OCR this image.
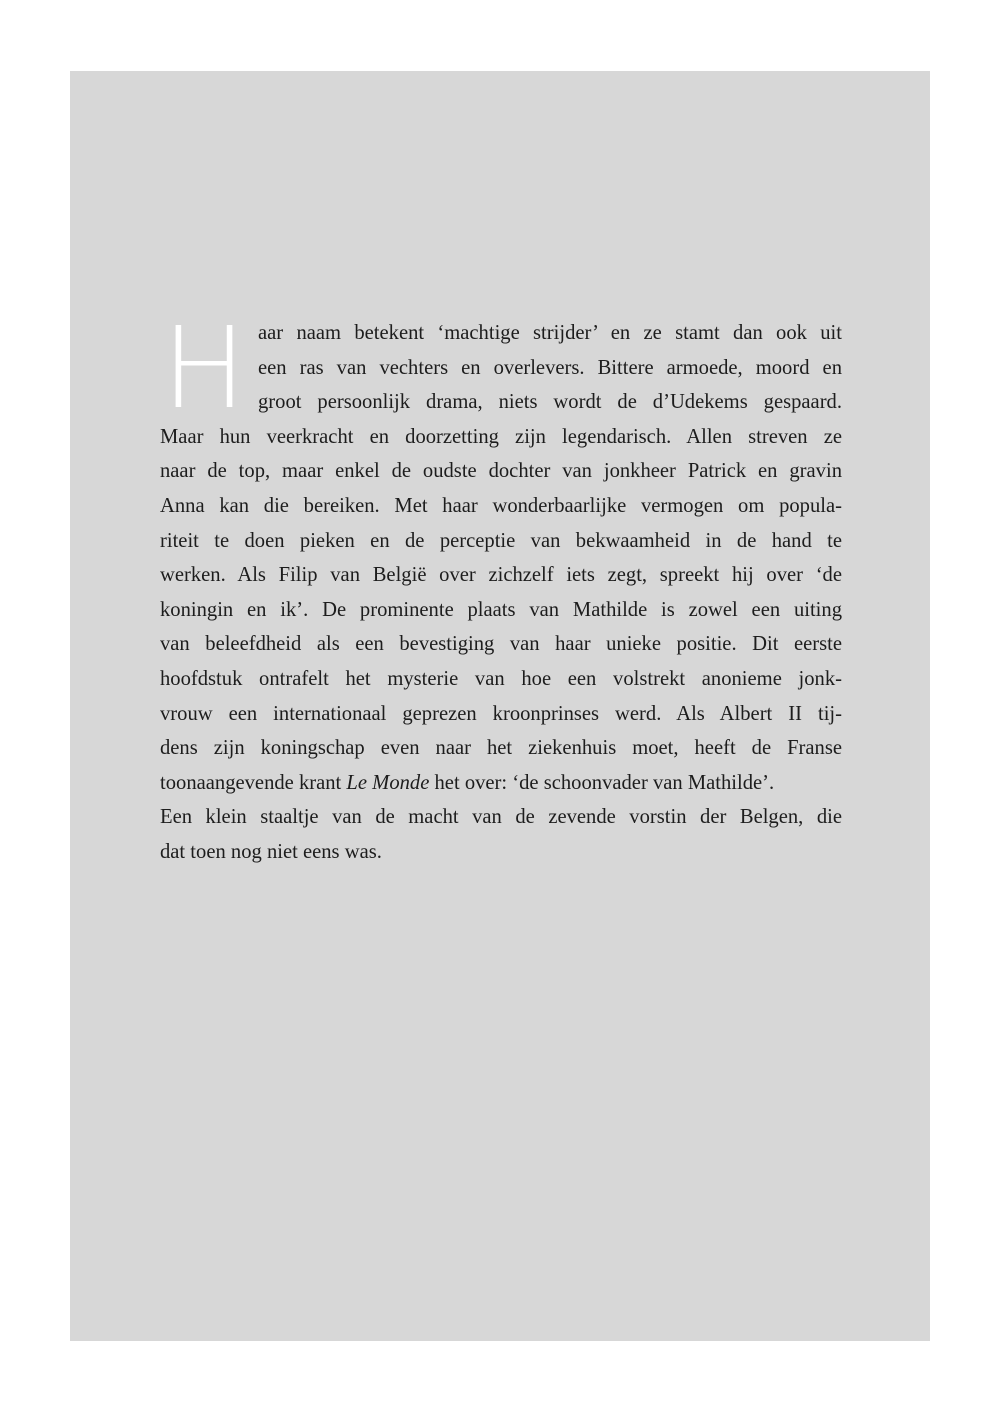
H aar naam betekent ‘machtige strijder’ en ze stamt dan ook uit
een ras van vechters en overlevers. Bittere armoede, moord en
groot persoonlijk drama, niets wordt de d’Udekems gespaard.
Maar hun veerkracht en doorzetting zijn legendarisch. Allen streven ze
naar de top, maar enkel de oudste dochter van jonkheer Patrick en gravin
Anna kan die bereiken. Met haar wonderbaarlijke vermogen om popula-
riteit te doen pieken en de perceptie van bekwaamheid in de hand te
werken. Als Filip van België over zichzelf iets zegt, spreekt hij over ‘de
koningin en ik’. De prominente plaats van Mathilde is zowel een uiting
van beleefdheid als een bevestiging van haar unieke positie. Dit eerste
hoofdstuk ontrafelt het mysterie van hoe een volstrekt anonieme jonk-
vrouw een internationaal geprezen kroonprinses werd. Als Albert II tij-
dens zijn koningschap even naar het ziekenhuis moet, heeft de Franse
toonaangevende krant Le Monde het over: ‘de schoonvader van Mathilde’.
Een klein staaltje van de macht van de zevende vorstin der Belgen, die
dat toen nog niet eens was.
